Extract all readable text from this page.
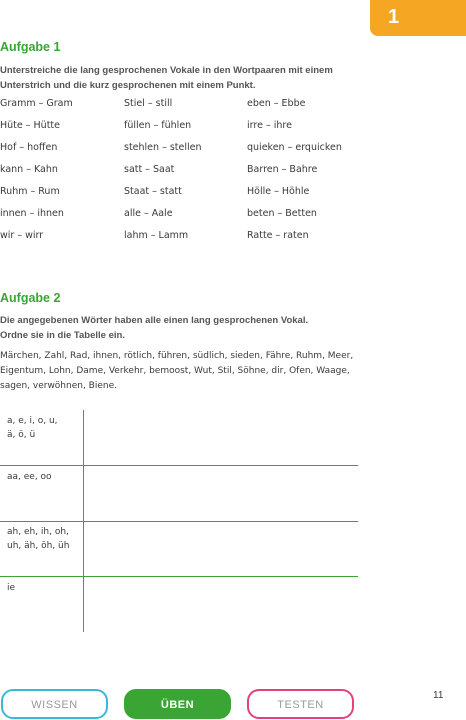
1
Aufgabe 1
Unterstreiche die lang gesprochenen Vokale in den Wortpaaren mit einem
Unterstrich und die kurz gesprochenen mit einem Punkt.
Gramm – Gram
Hüte – Hütte
Hof – hoffen
kann – Kahn
Ruhm – Rum
innen – ihnen
wir – wirr
Stiel – still
füllen – fühlen
stehlen – stellen
satt – Saat
Staat – statt
alle – Aale
lahm – Lamm
eben – Ebbe
irre – ihre
quieken – erquicken
Barren – Bahre
Hölle – Höhle
beten – Betten
Ratte – raten
Aufgabe 2
Die angegebenen Wörter haben alle einen lang gesprochenen Vokal.
Ordne sie in die Tabelle ein.
Märchen, Zahl, Rad, ihnen, rötlich, führen, südlich, sieden, Fähre, Ruhm, Meer,
Eigentum, Lohn, Dame, Verkehr, bemoost, Wut, Stil, Söhne, dir, Ofen, Waage,
sagen, verwöhnen, Biene.
a, e, i, o, u,
ä, ö, ü
aa, ee, oo
ah, eh, ih, oh,
uh, äh, öh, üh
ie
WISSEN	ÜBEN	TESTEN
11
